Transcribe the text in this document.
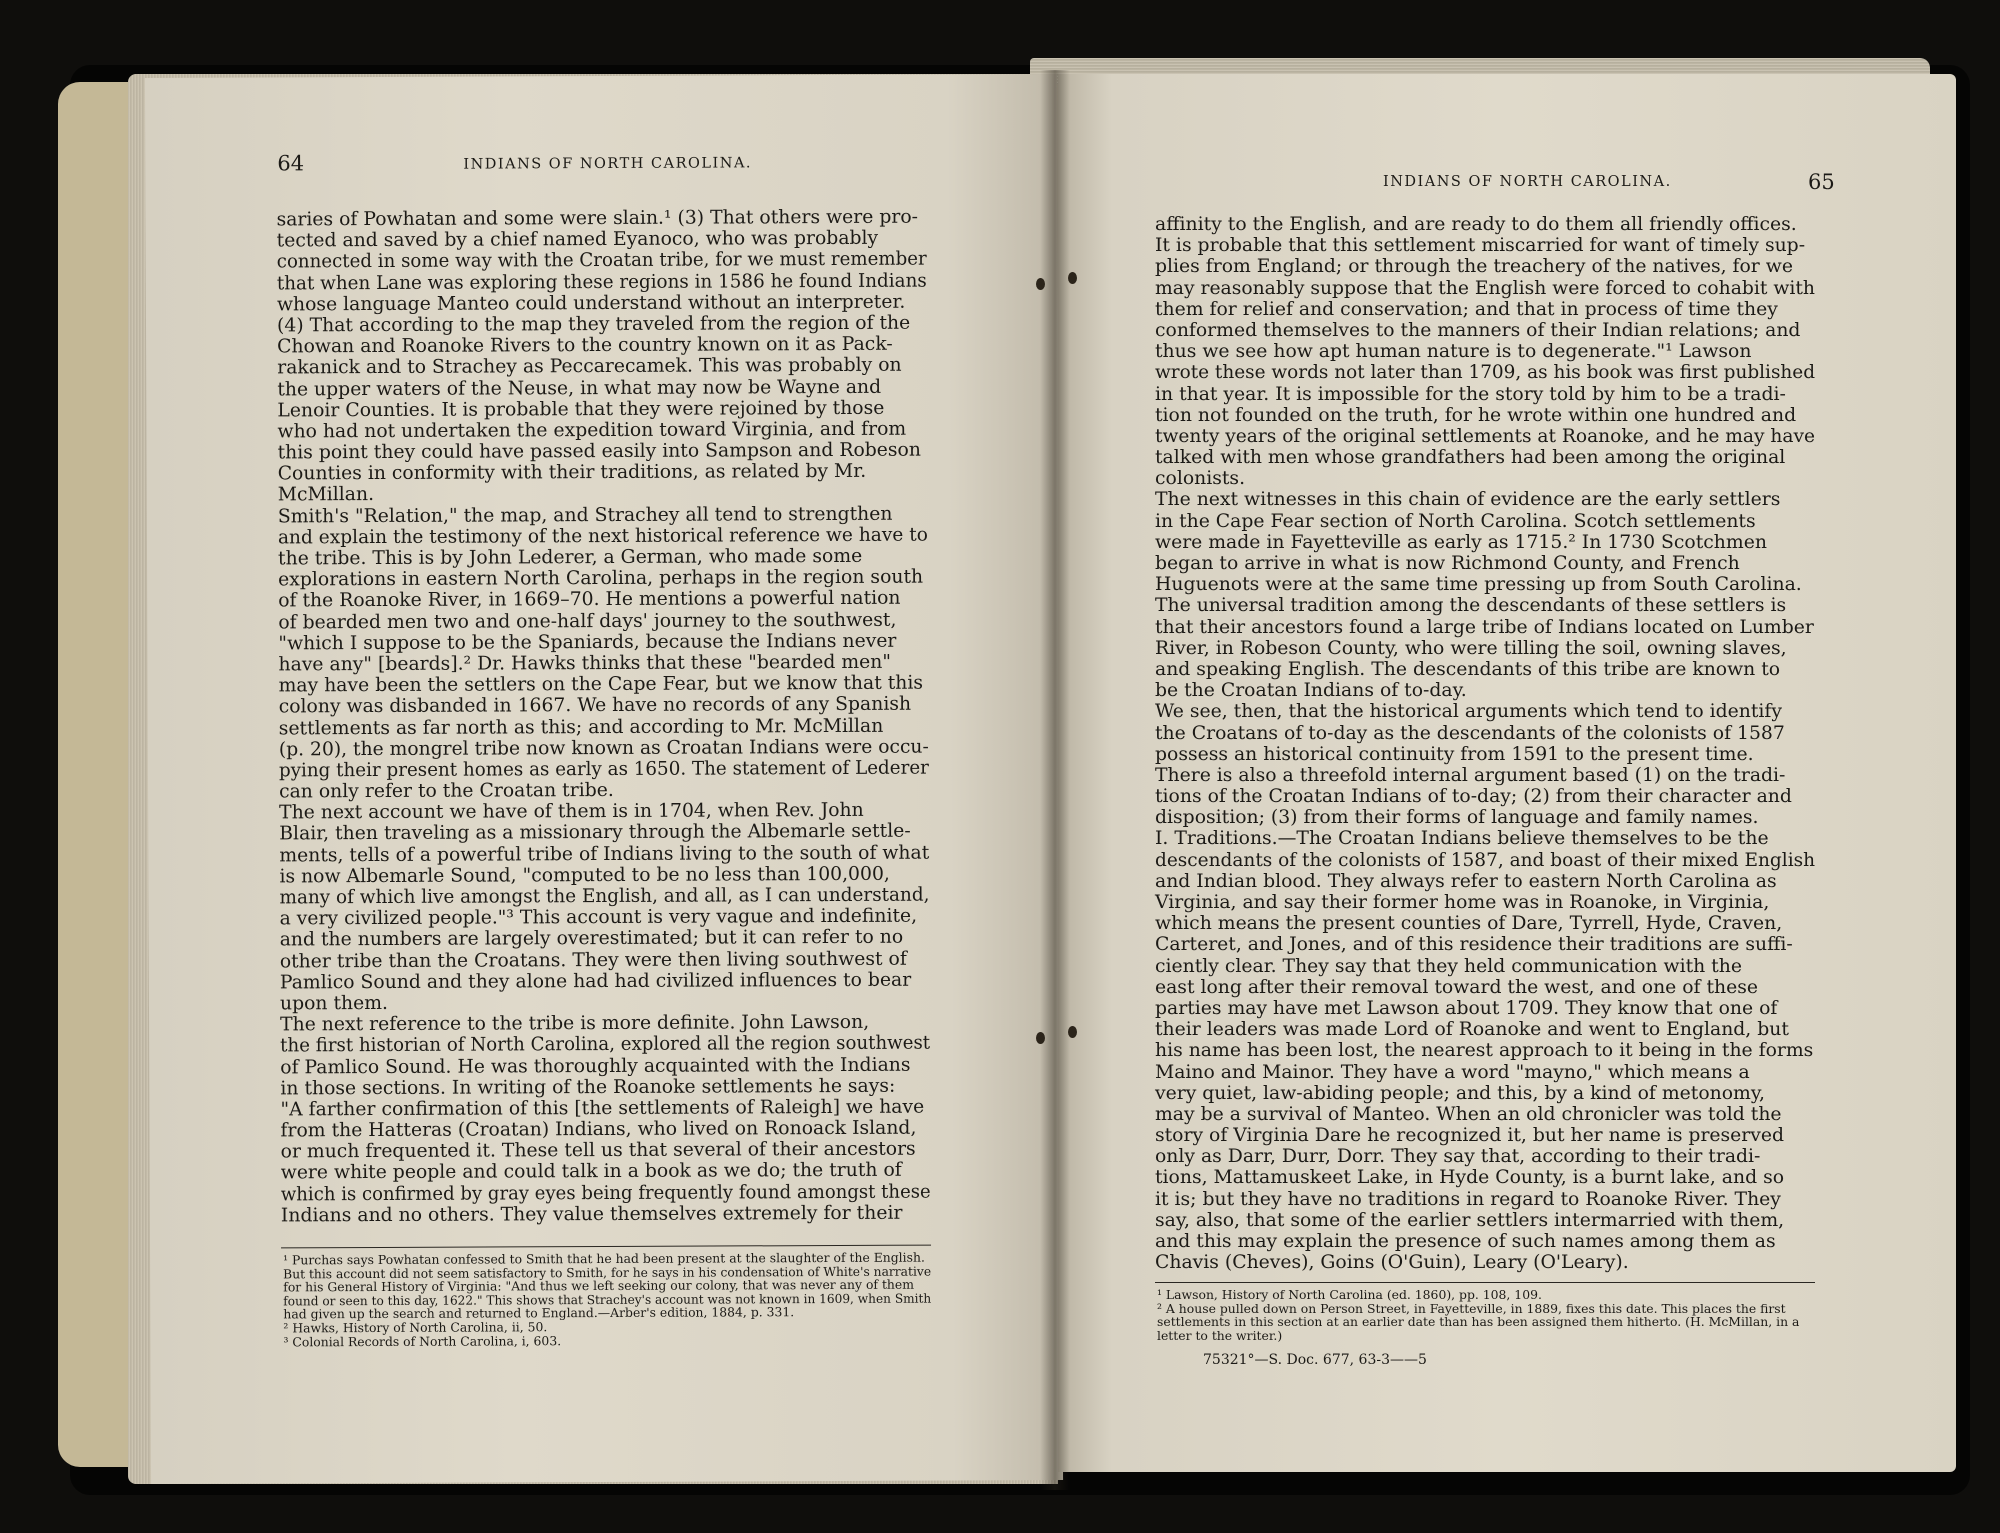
64	INDIANS OF NORTH CAROLINA.
saries of Powhatan and some were slain.¹ (3) That others were pro-
tected and saved by a chief named Eyanoco, who was probably
connected in some way with the Croatan tribe, for we must remember
that when Lane was exploring these regions in 1586 he found Indians
whose language Manteo could understand without an interpreter.
(4) That according to the map they traveled from the region of the
Chowan and Roanoke Rivers to the country known on it as Pack-
rakanick and to Strachey as Peccarecamek. This was probably on
the upper waters of the Neuse, in what may now be Wayne and
Lenoir Counties. It is probable that they were rejoined by those
who had not undertaken the expedition toward Virginia, and from
this point they could have passed easily into Sampson and Robeson
Counties in conformity with their traditions, as related by Mr.
McMillan.
Smith's "Relation," the map, and Strachey all tend to strengthen
and explain the testimony of the next historical reference we have to
the tribe. This is by John Lederer, a German, who made some
explorations in eastern North Carolina, perhaps in the region south
of the Roanoke River, in 1669–70. He mentions a powerful nation
of bearded men two and one-half days' journey to the southwest,
"which I suppose to be the Spaniards, because the Indians never
have any" [beards].² Dr. Hawks thinks that these "bearded men"
may have been the settlers on the Cape Fear, but we know that this
colony was disbanded in 1667. We have no records of any Spanish
settlements as far north as this; and according to Mr. McMillan
(p. 20), the mongrel tribe now known as Croatan Indians were occu-
pying their present homes as early as 1650. The statement of Lederer
can only refer to the Croatan tribe.
The next account we have of them is in 1704, when Rev. John
Blair, then traveling as a missionary through the Albemarle settle-
ments, tells of a powerful tribe of Indians living to the south of what
is now Albemarle Sound, "computed to be no less than 100,000,
many of which live amongst the English, and all, as I can understand,
a very civilized people."³ This account is very vague and indefinite,
and the numbers are largely overestimated; but it can refer to no
other tribe than the Croatans. They were then living southwest of
Pamlico Sound and they alone had had civilized influences to bear
upon them.
The next reference to the tribe is more definite. John Lawson,
the first historian of North Carolina, explored all the region southwest
of Pamlico Sound. He was thoroughly acquainted with the Indians
in those sections. In writing of the Roanoke settlements he says:
"A farther confirmation of this [the settlements of Raleigh] we have
from the Hatteras (Croatan) Indians, who lived on Ronoack Island,
or much frequented it. These tell us that several of their ancestors
were white people and could talk in a book as we do; the truth of
which is confirmed by gray eyes being frequently found amongst these
Indians and no others. They value themselves extremely for their
¹ Purchas says Powhatan confessed to Smith that he had been present at the slaughter of the English.
But this account did not seem satisfactory to Smith, for he says in his condensation of White's narrative
for his General History of Virginia: "And thus we left seeking our colony, that was never any of them
found or seen to this day, 1622." This shows that Strachey's account was not known in 1609, when Smith
had given up the search and returned to England.—Arber's edition, 1884, p. 331.
² Hawks, History of North Carolina, ii, 50.
³ Colonial Records of North Carolina, i, 603.
INDIANS OF NORTH CAROLINA.	65
affinity to the English, and are ready to do them all friendly offices.
It is probable that this settlement miscarried for want of timely sup-
plies from England; or through the treachery of the natives, for we
may reasonably suppose that the English were forced to cohabit with
them for relief and conservation; and that in process of time they
conformed themselves to the manners of their Indian relations; and
thus we see how apt human nature is to degenerate."¹ Lawson
wrote these words not later than 1709, as his book was first published
in that year. It is impossible for the story told by him to be a tradi-
tion not founded on the truth, for he wrote within one hundred and
twenty years of the original settlements at Roanoke, and he may have
talked with men whose grandfathers had been among the original
colonists.
The next witnesses in this chain of evidence are the early settlers
in the Cape Fear section of North Carolina. Scotch settlements
were made in Fayetteville as early as 1715.² In 1730 Scotchmen
began to arrive in what is now Richmond County, and French
Huguenots were at the same time pressing up from South Carolina.
The universal tradition among the descendants of these settlers is
that their ancestors found a large tribe of Indians located on Lumber
River, in Robeson County, who were tilling the soil, owning slaves,
and speaking English. The descendants of this tribe are known to
be the Croatan Indians of to-day.
We see, then, that the historical arguments which tend to identify
the Croatans of to-day as the descendants of the colonists of 1587
possess an historical continuity from 1591 to the present time.
There is also a threefold internal argument based (1) on the tradi-
tions of the Croatan Indians of to-day; (2) from their character and
disposition; (3) from their forms of language and family names.
I. Traditions.—The Croatan Indians believe themselves to be the
descendants of the colonists of 1587, and boast of their mixed English
and Indian blood. They always refer to eastern North Carolina as
Virginia, and say their former home was in Roanoke, in Virginia,
which means the present counties of Dare, Tyrrell, Hyde, Craven,
Carteret, and Jones, and of this residence their traditions are suffi-
ciently clear. They say that they held communication with the
east long after their removal toward the west, and one of these
parties may have met Lawson about 1709. They know that one of
their leaders was made Lord of Roanoke and went to England, but
his name has been lost, the nearest approach to it being in the forms
Maino and Mainor. They have a word "mayno," which means a
very quiet, law-abiding people; and this, by a kind of metonomy,
may be a survival of Manteo. When an old chronicler was told the
story of Virginia Dare he recognized it, but her name is preserved
only as Darr, Durr, Dorr. They say that, according to their tradi-
tions, Mattamuskeet Lake, in Hyde County, is a burnt lake, and so
it is; but they have no traditions in regard to Roanoke River. They
say, also, that some of the earlier settlers intermarried with them,
and this may explain the presence of such names among them as
Chavis (Cheves), Goins (O'Guin), Leary (O'Leary).
¹ Lawson, History of North Carolina (ed. 1860), pp. 108, 109.
² A house pulled down on Person Street, in Fayetteville, in 1889, fixes this date. This places the first
settlements in this section at an earlier date than has been assigned them hitherto. (H. McMillan, in a
letter to the writer.)
75321°—S. Doc. 677, 63-3——5
